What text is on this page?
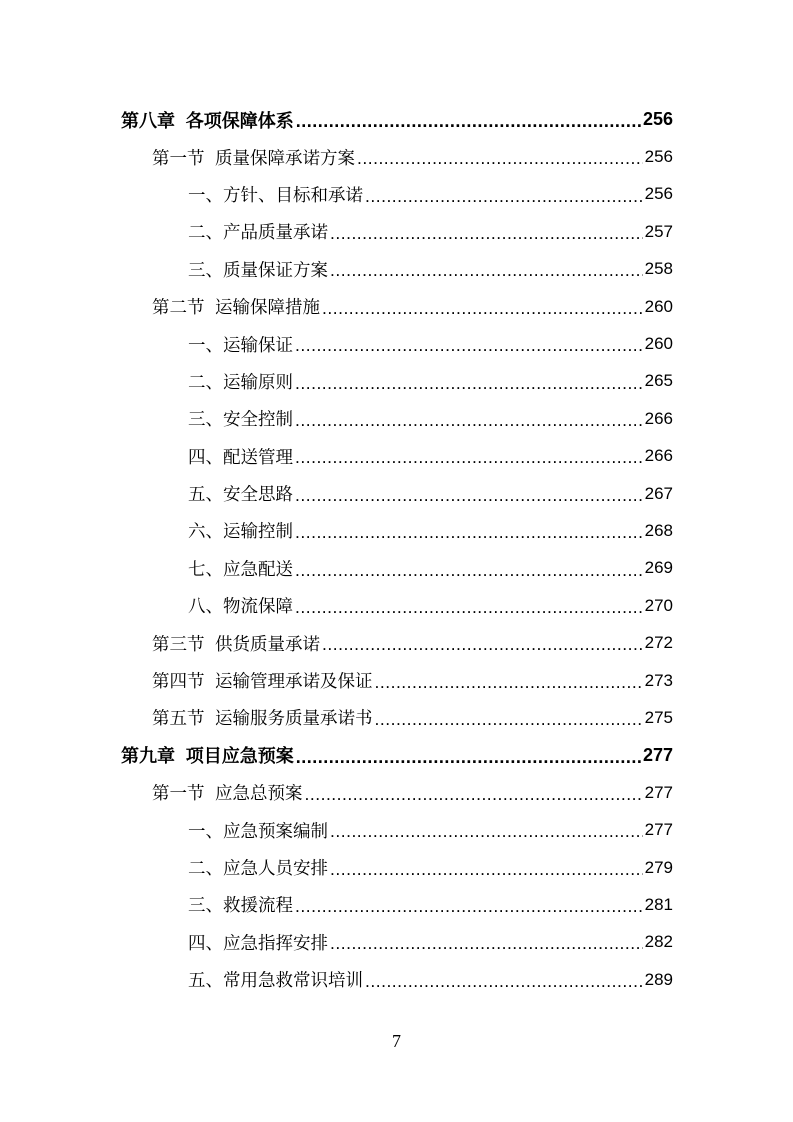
第八章 各项保障体系 .....	256
第一节 质量保障承诺方案 .....	256
一、方针、目标和承诺 .....	256
二、产品质量承诺 .....	257
三、质量保证方案 .....	258
第二节 运输保障措施 .....	260
一、运输保证 .....	260
二、运输原则 .....	265
三、安全控制 .....	266
四、配送管理 .....	266
五、安全思路 .....	267
六、运输控制 .....	268
七、应急配送 .....	269
八、物流保障 .....	270
第三节 供货质量承诺 .....	272
第四节 运输管理承诺及保证 .....	273
第五节 运输服务质量承诺书 .....	275
第九章 项目应急预案 .....	277
第一节 应急总预案 .....	277
一、应急预案编制 .....	277
二、应急人员安排 .....	279
三、救援流程 .....	281
四、应急指挥安排 .....	282
五、常用急救常识培训 .....	289
7
